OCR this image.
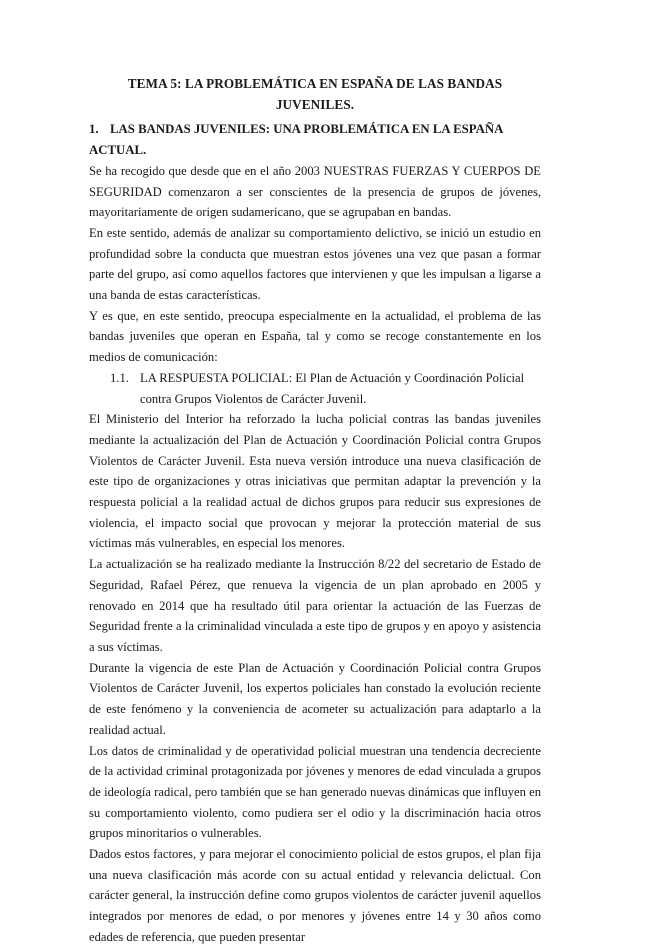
TEMA 5: LA PROBLEMÁTICA EN ESPAÑA DE LAS BANDAS JUVENILES.
1. LAS BANDAS JUVENILES: UNA PROBLEMÁTICA EN LA ESPAÑA ACTUAL.

Se ha recogido que desde que en el año 2003 NUESTRAS FUERZAS Y CUERPOS DE SEGURIDAD comenzaron a ser conscientes de la presencia de grupos de jóvenes, mayoritariamente de origen sudamericano, que se agrupaban en bandas.

En este sentido, además de analizar su comportamiento delictivo, se inició un estudio en profundidad sobre la conducta que muestran estos jóvenes una vez que pasan a formar parte del grupo, así como aquellos factores que intervienen y que les impulsan a ligarse a una banda de estas características.

Y es que, en este sentido, preocupa especialmente en la actualidad, el problema de las bandas juveniles que operan en España, tal y como se recoge constantemente en los medios de comunicación:

1.1. LA RESPUESTA POLICIAL: El Plan de Actuación y Coordinación Policial contra Grupos Violentos de Carácter Juvenil.

El Ministerio del Interior ha reforzado la lucha policial contras las bandas juveniles mediante la actualización del Plan de Actuación y Coordinación Policial contra Grupos Violentos de Carácter Juvenil. Esta nueva versión introduce una nueva clasificación de este tipo de organizaciones y otras iniciativas que permitan adaptar la prevención y la respuesta policial a la realidad actual de dichos grupos para reducir sus expresiones de violencia, el impacto social que provocan y mejorar la protección material de sus víctimas más vulnerables, en especial los menores.

La actualización se ha realizado mediante la Instrucción 8/22 del secretario de Estado de Seguridad, Rafael Pérez, que renueva la vigencia de un plan aprobado en 2005 y renovado en 2014 que ha resultado útil para orientar la actuación de las Fuerzas de Seguridad frente a la criminalidad vinculada a este tipo de grupos y en apoyo y asistencia a sus víctimas.

Durante la vigencia de este Plan de Actuación y Coordinación Policial contra Grupos Violentos de Carácter Juvenil, los expertos policiales han constado la evolución reciente de este fenómeno y la conveniencia de acometer su actualización para adaptarlo a la realidad actual.

Los datos de criminalidad y de operatividad policial muestran una tendencia decreciente de la actividad criminal protagonizada por jóvenes y menores de edad vinculada a grupos de ideología radical, pero también que se han generado nuevas dinámicas que influyen en su comportamiento violento, como pudiera ser el odio y la discriminación hacia otros grupos minoritarios o vulnerables.

Dados estos factores, y para mejorar el conocimiento policial de estos grupos, el plan fija una nueva clasificación más acorde con su actual entidad y relevancia delictual. Con carácter general, la instrucción define como grupos violentos de carácter juvenil aquellos integrados por menores de edad, o por menores y jóvenes entre 14 y 30 años como edades de referencia, que pueden presentar
